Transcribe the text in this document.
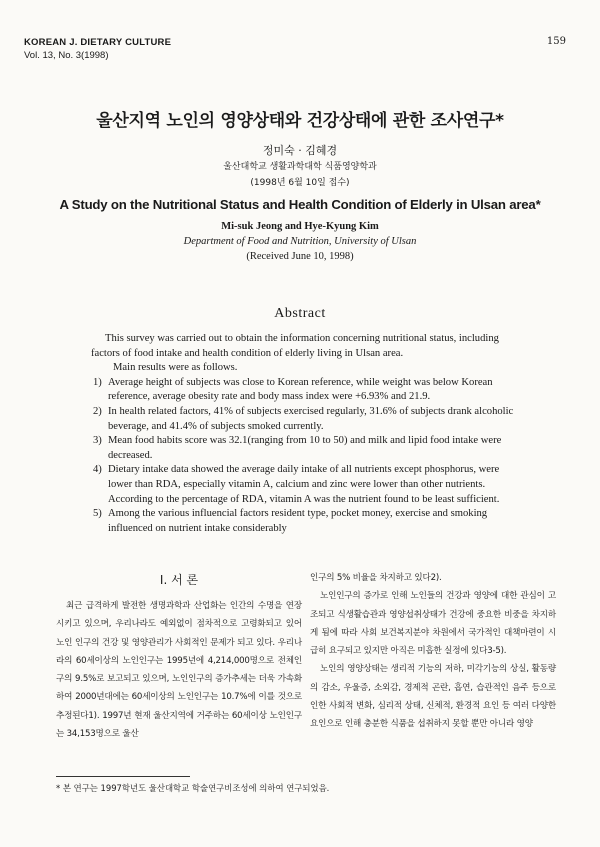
KOREAN J. DIETARY CULTURE
Vol. 13, No. 3(1998)
159
울산지역 노인의 영양상태와 건강상태에 관한 조사연구*
정미숙 · 김혜경
울산대학교 생활과학대학 식품영양학과
(1998년 6월 10일 접수)
A Study on the Nutritional Status and Health Condition of Elderly in Ulsan area*
Mi-suk Jeong and Hye-Kyung Kim
Department of Food and Nutrition, University of Ulsan
(Received June 10, 1998)
Abstract

This survey was carried out to obtain the information concerning nutritional status, including factors of food intake and health condition of elderly living in Ulsan area.

Main results were as follows.

1) Average height of subjects was close to Korean reference, while weight was below Korean reference, average obesity rate and body mass index were +6.93% and 21.9.
2) In health related factors, 41% of subjects exercised regularly, 31.6% of subjects drank alcoholic beverage, and 41.4% of subjects smoked currently.
3) Mean food habits score was 32.1(ranging from 10 to 50) and milk and lipid food intake were decreased.
4) Dietary intake data showed the average daily intake of all nutrients except phosphorus, were lower than RDA, especially vitamin A, calcium and zinc were lower than other nutrients. According to the percentage of RDA, vitamin A was the nutrient found to be least sufficient.
5) Among the various influencial factors resident type, pocket money, exercise and smoking influenced on nutrient intake considerably
I. 서 론

최근 급격하게 발전한 생명과학과 산업화는 인간의 수명을 연장시키고 있으며, 우리나라도 예외없이 점차적으로 고령화되고 있어 노인 인구의 건강 및 영양관리가 사회적인 문제가 되고 있다. 우리나라의 60세이상의 노인인구는 1995년에 4,214,000명으로 전체인구의 9.5%로 보고되고 있으며, 노인인구의 증가추세는 더욱 가속화하여 2000년대에는 60세이상의 노인인구는 10.7%에 이를 것으로 추정된다1). 1997년 현재 울산지역에 거주하는 60세이상 노인인구는 34,153명으로 울산

인구의 5% 비율을 차지하고 있다2).

노인인구의 증가로 인해 노인들의 건강과 영양에 대한 관심이 고조되고 식생활습관과 영양섭취상태가 건강에 중요한 비중을 차지하게 됨에 따라 사회 보건복지분야 차원에서 국가적인 대책마련이 시급히 요구되고 있지만 아직은 미흡한 실정에 있다3-5).

노인의 영양상태는 생리적 기능의 저하, 미각기능의 상실, 활동량의 감소, 우울증, 소외감, 경제적 곤란, 흡연, 습관적인 음주 등으로 인한 사회적 변화, 심리적 상태, 신체적, 환경적 요인 등 여러 다양한 요인으로 인해 충분한 식품을 섭취하지 못할 뿐만 아니라 영양

* 본 연구는 1997학년도 울산대학교 학술연구비조성에 의하여 연구되었음.
